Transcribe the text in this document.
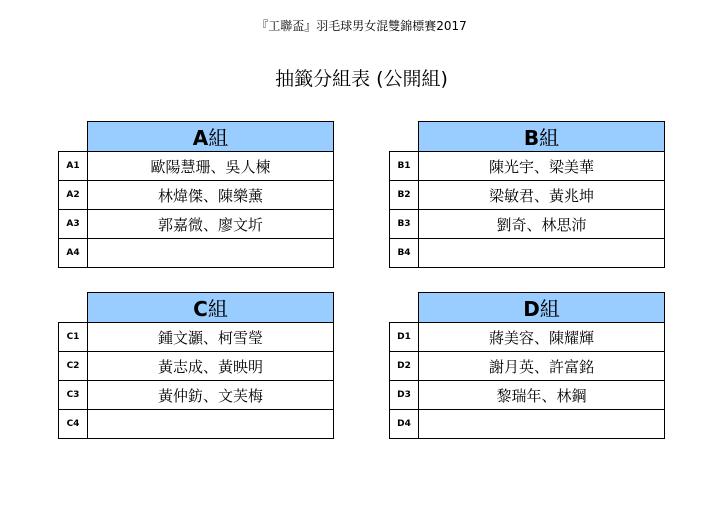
『工聯盃』羽毛球男女混雙錦標賽2017
抽籤分組表 (公開組)
	A組
A1	歐陽慧珊、吳人楝
A2	林煒傑、陳樂薰
A3	郭嘉微、廖文圻
A4	
	B組
B1	陳光宇、梁美華
B2	梁敏君、黃兆坤
B3	劉奇、林思沛
B4	
	C組
C1	鍾文灝、柯雪瑩
C2	黃志成、黃映明
C3	黃仲鈁、文芙梅
C4	
	D組
D1	蔣美容、陳耀輝
D2	謝月英、許富銘
D3	黎瑞年、林鋼
D4	
